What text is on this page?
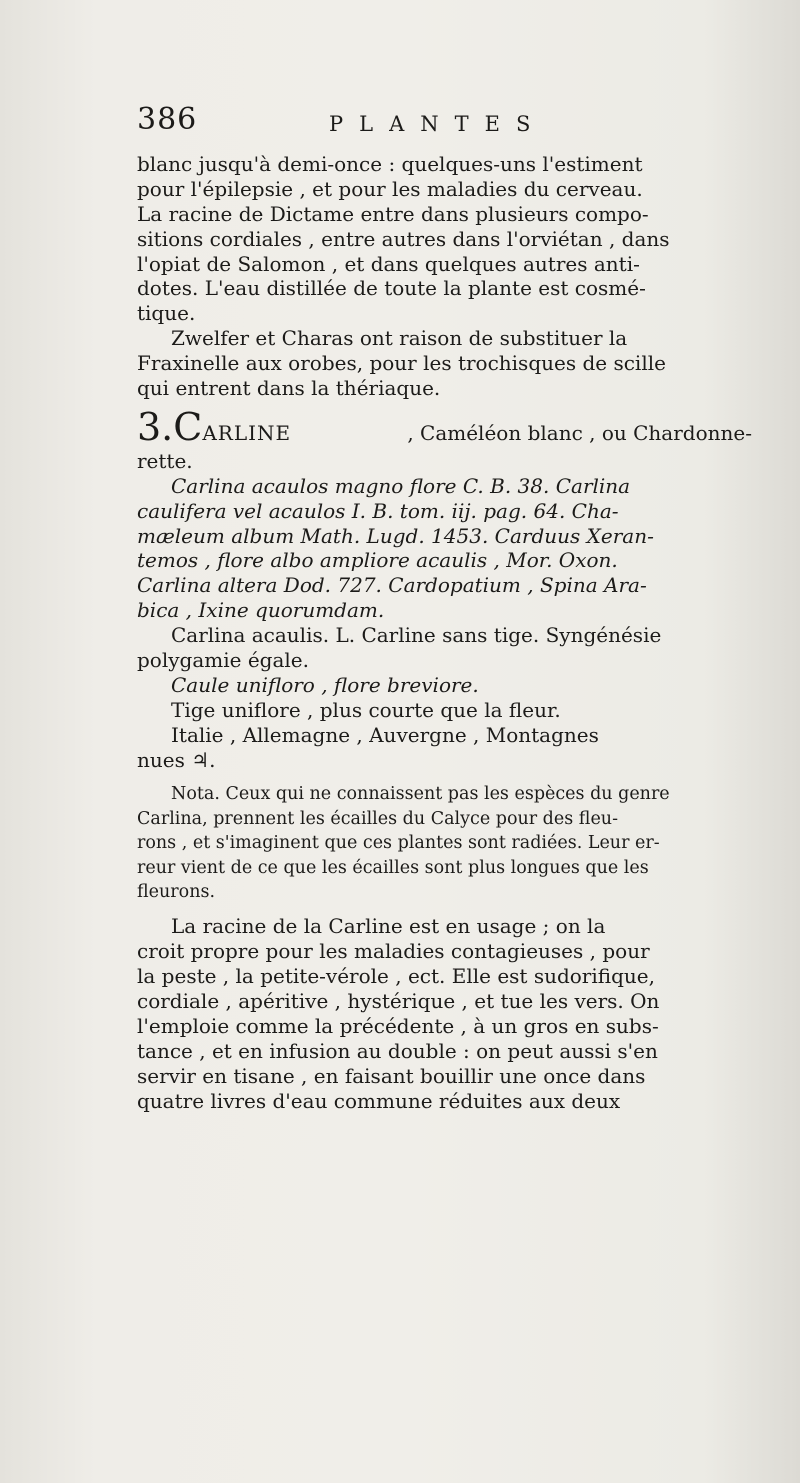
386	PLANTES
blanc jusqu'à demi-once : quelques-uns l'estiment
pour l'épilepsie , et pour les maladies du cerveau.
La racine de Dictame entre dans plusieurs compo-
sitions cordiales , entre autres dans l'orviétan , dans
l'opiat de Salomon , et dans quelques autres anti-
dotes. L'eau distillée de toute la plante est cosmé-
tique.
Zwelfer et Charas ont raison de substituer la
Fraxinelle aux orobes, pour les trochisques de scille
qui entrent dans la thériaque.
3.CARLINE	, Caméléon blanc , ou Chardonne-
rette.
Carlina acaulos magno flore C. B. 38. Carlina
caulifera vel acaulos I. B. tom. iij. pag. 64. Cha-
mæleum album Math. Lugd. 1453. Carduus Xeran-
temos , flore albo ampliore acaulis , Mor. Oxon.
Carlina altera Dod. 727. Cardopatium , Spina Ara-
bica , Ixine quorumdam.
Carlina acaulis. L. Carline sans tige. Syngénésie
polygamie égale.
Caule unifloro , flore breviore.
Tige uniflore , plus courte que la fleur.
Italie , Allemagne , Auvergne , Montagnes
nues ♃.
Nota. Ceux qui ne connaissent pas les espèces du genre
Carlina, prennent les écailles du Calyce pour des fleu-
rons , et s'imaginent que ces plantes sont radiées. Leur er-
reur vient de ce que les écailles sont plus longues que les
fleurons.
La racine de la Carline est en usage ; on la
croit propre pour les maladies contagieuses , pour
la peste , la petite-vérole , ect. Elle est sudorifique,
cordiale , apéritive , hystérique , et tue les vers. On
l'emploie comme la précédente , à un gros en subs-
tance , et en infusion au double : on peut aussi s'en
servir en tisane , en faisant bouillir une once dans
quatre livres d'eau commune réduites aux deux
